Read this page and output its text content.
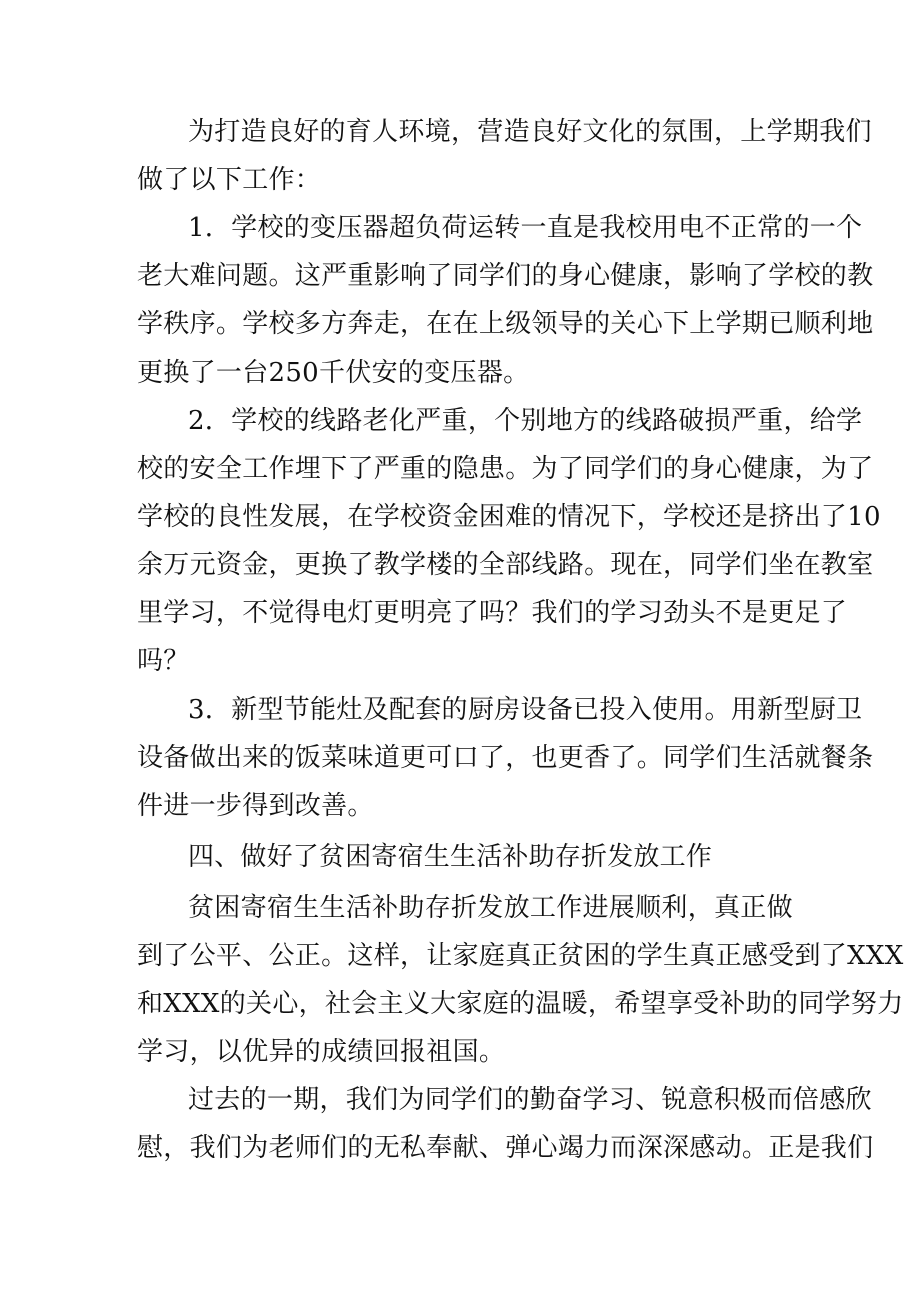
为打造良好的育人环境，营造良好文化的氛围，上学期我们
做了以下工作：
1．学校的变压器超负荷运转一直是我校用电不正常的一个
老大难问题。这严重影响了同学们的身心健康，影响了学校的教
学秩序。学校多方奔走，在在上级领导的关心下上学期已顺利地
更换了一台250千伏安的变压器。
2．学校的线路老化严重，个别地方的线路破损严重，给学
校的安全工作埋下了严重的隐患。为了同学们的身心健康，为了
学校的良性发展，在学校资金困难的情况下，学校还是挤出了10
余万元资金，更换了教学楼的全部线路。现在，同学们坐在教室
里学习，不觉得电灯更明亮了吗？我们的学习劲头不是更足了
吗？
3．新型节能灶及配套的厨房设备已投入使用。用新型厨卫
设备做出来的饭菜味道更可口了，也更香了。同学们生活就餐条
件进一步得到改善。
四、做好了贫困寄宿生生活补助存折发放工作
贫困寄宿生生活补助存折发放工作进展顺利，真正做
到了公平、公正。这样，让家庭真正贫困的学生真正感受到了XXX
和XXX的关心，社会主义大家庭的温暖，希望享受补助的同学努力
学习，以优异的成绩回报祖国。
过去的一期，我们为同学们的勤奋学习、锐意积极而倍感欣
慰，我们为老师们的无私奉献、弹心竭力而深深感动。正是我们
